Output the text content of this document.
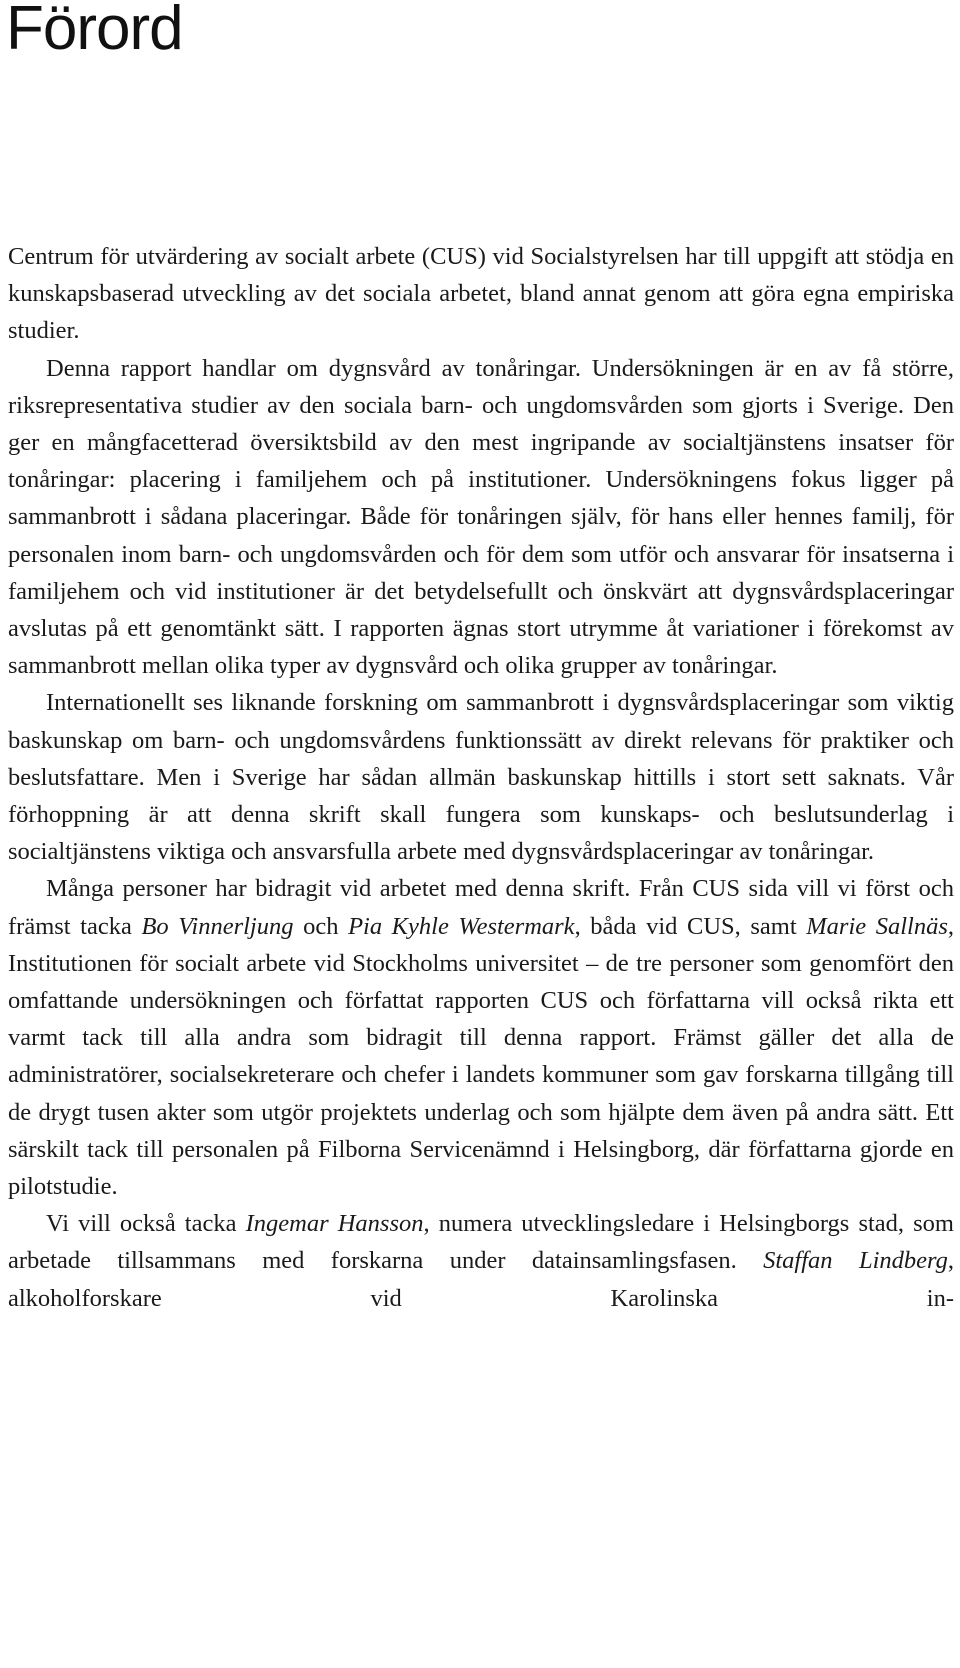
Förord

Centrum för utvärdering av socialt arbete (CUS) vid Socialstyrelsen har till uppgift att stödja en kunskapsbaserad utveckling av det sociala arbetet, bland annat genom att göra egna empiriska studier.

Denna rapport handlar om dygnsvård av tonåringar. Undersökningen är en av få större, riksrepresentativa studier av den sociala barn- och ungdomsvården som gjorts i Sverige. Den ger en mångfacetterad översiktsbild av den mest ingripande av socialtjänstens insatser för tonåringar: placering i familjehem och på institutioner. Undersökningens fokus ligger på sammanbrott i sådana placeringar. Både för tonåringen själv, för hans eller hennes familj, för personalen inom barn- och ungdomsvården och för dem som utför och ansvarar för insatserna i familjehem och vid institutioner är det betydelsefullt och önskvärt att dygnsvårdsplaceringar avslutas på ett genomtänkt sätt. I rapporten ägnas stort utrymme åt variationer i förekomst av sammanbrott mellan olika typer av dygnsvård och olika grupper av tonåringar.

Internationellt ses liknande forskning om sammanbrott i dygnsvårdsplaceringar som viktig baskunskap om barn- och ungdomsvårdens funktionssätt av direkt relevans för praktiker och beslutsfattare. Men i Sverige har sådan allmän baskunskap hittills i stort sett saknats. Vår förhoppning är att denna skrift skall fungera som kunskaps- och beslutsunderlag i socialtjänstens viktiga och ansvarsfulla arbete med dygnsvårdsplaceringar av tonåringar.

Många personer har bidragit vid arbetet med denna skrift. Från CUS sida vill vi först och främst tacka Bo Vinnerljung och Pia Kyhle Westermark, båda vid CUS, samt Marie Sallnäs, Institutionen för socialt arbete vid Stockholms universitet – de tre personer som genomfört den omfattande undersökningen och författat rapporten CUS och författarna vill också rikta ett varmt tack till alla andra som bidragit till denna rapport. Främst gäller det alla de administratörer, socialsekreterare och chefer i landets kommuner som gav forskarna tillgång till de drygt tusen akter som utgör projektets underlag och som hjälpte dem även på andra sätt. Ett särskilt tack till personalen på Filborna Servicenämnd i Helsingborg, där författarna gjorde en pilotstudie.

Vi vill också tacka Ingemar Hansson, numera utvecklingsledare i Helsingborgs stad, som arbetade tillsammans med forskarna under datainsamlingsfasen. Staffan Lindberg, alkoholforskare vid Karolinska in-
